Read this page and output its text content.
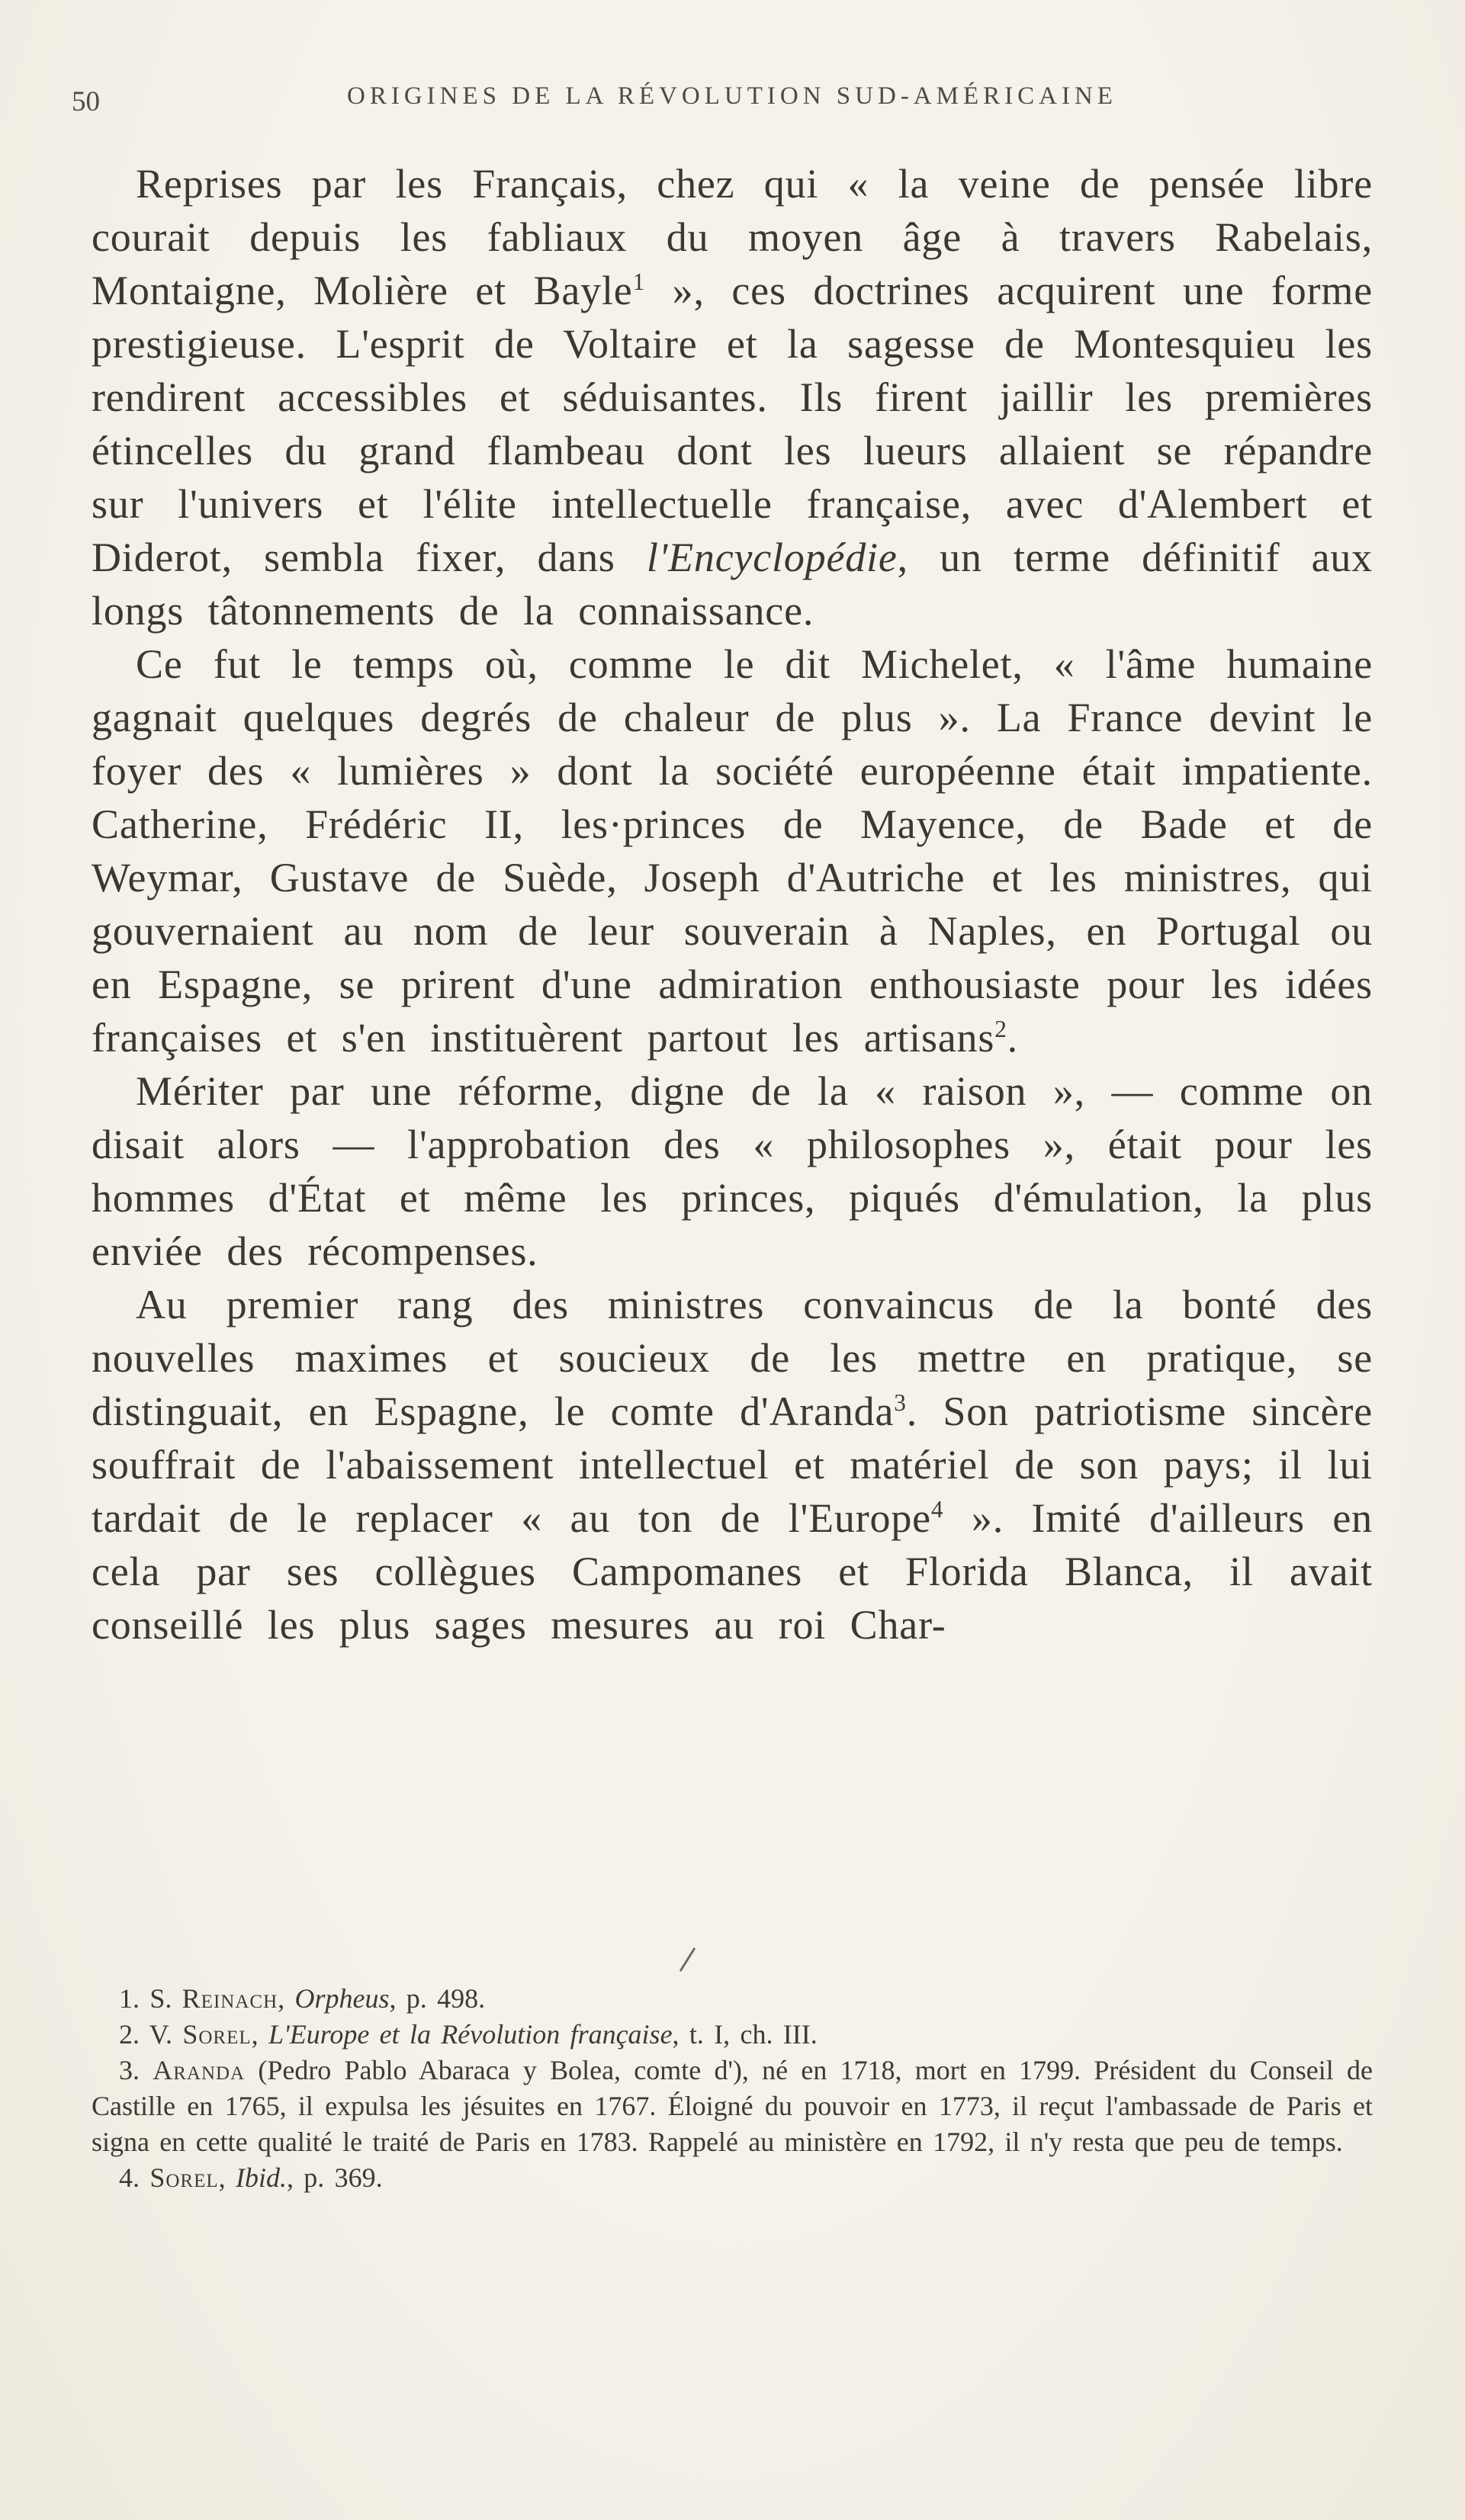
50	ORIGINES DE LA RÉVOLUTION SUD-AMÉRICAINE

Reprises par les Français, chez qui « la veine de pensée libre courait depuis les fabliaux du moyen âge à travers Rabelais, Montaigne, Molière et Bayle$^1$ », ces doctrines acquirent une forme prestigieuse. L'esprit de Voltaire et la sagesse de Montesquieu les rendirent accessibles et séduisantes. Ils firent jaillir les premières étincelles du grand flambeau dont les lueurs allaient se répandre sur l'univers et l'élite intellectuelle française, avec d'Alembert et Diderot, sembla fixer, dans l'Encyclopédie, un terme définitif aux longs tâtonnements de la connaissance.

Ce fut le temps où, comme le dit Michelet, « l'âme humaine gagnait quelques degrés de chaleur de plus ». La France devint le foyer des « lumières » dont la société européenne était impatiente. Catherine, Frédéric II, les·princes de Mayence, de Bade et de Weymar, Gustave de Suède, Joseph d'Autriche et les ministres, qui gouvernaient au nom de leur souverain à Naples, en Portugal ou en Espagne, se prirent d'une admiration enthousiaste pour les idées françaises et s'en instituèrent partout les artisans$^2$.

Mériter par une réforme, digne de la « raison », — comme on disait alors — l'approbation des « philosophes », était pour les hommes d'État et même les princes, piqués d'émulation, la plus enviée des récompenses.

Au premier rang des ministres convaincus de la bonté des nouvelles maximes et soucieux de les mettre en pratique, se distinguait, en Espagne, le comte d'Aranda$^3$. Son patriotisme sincère souffrait de l'abaissement intellectuel et matériel de son pays; il lui tardait de le replacer « au ton de l'Europe$^4$ ». Imité d'ailleurs en cela par ses collègues Campomanes et Florida Blanca, il avait conseillé les plus sages mesures au roi Char-

1. S. Reinach, Orpheus, p. 498.

2. V. Sorel, L'Europe et la Révolution française, t. I, ch. III.

3. Aranda (Pedro Pablo Abaraca y Bolea, comte d'), né en 1718, mort en 1799. Président du Conseil de Castille en 1765, il expulsa les jésuites en 1767. Éloigné du pouvoir en 1773, il reçut l'ambassade de Paris et signa en cette qualité le traité de Paris en 1783. Rappelé au ministère en 1792, il n'y resta que peu de temps.

4. Sorel, Ibid., p. 369.
